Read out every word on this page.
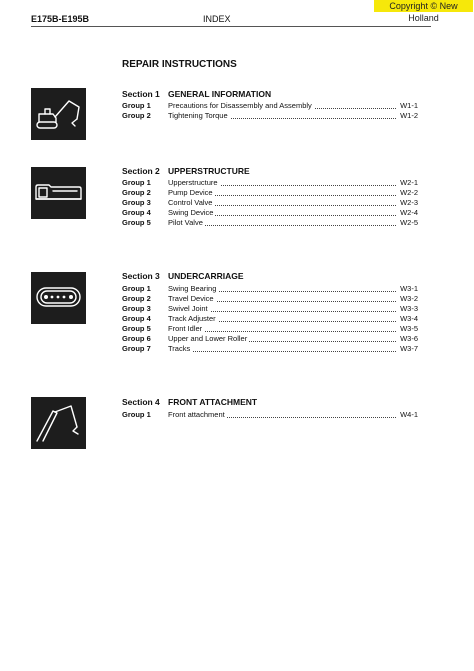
E175B-E195B	INDEX
Copyright © New Holland
REPAIR INSTRUCTIONS
Section 1 GENERAL INFORMATION
Group 1 Precautions for Disassembly and Assembly	W1-1
Group 2 Tightening Torque	W1-2
Section 2 UPPERSTRUCTURE
Group 1 Upperstructure	W2-1
Group 2 Pump Device	W2-2
Group 3 Control Valve	W2-3
Group 4 Swing Device	W2-4
Group 5 Pilot Valve	W2-5
Section 3 UNDERCARRIAGE
Group 1 Swing Bearing	W3-1
Group 2 Travel Device	W3-2
Group 3 Swivel Joint	W3-3
Group 4 Track Adjuster	W3-4
Group 5 Front Idler	W3-5
Group 6 Upper and Lower Roller	W3-6
Group 7 Tracks	W3-7
Section 4 FRONT ATTACHMENT
Group 1 Front attachment	W4-1
